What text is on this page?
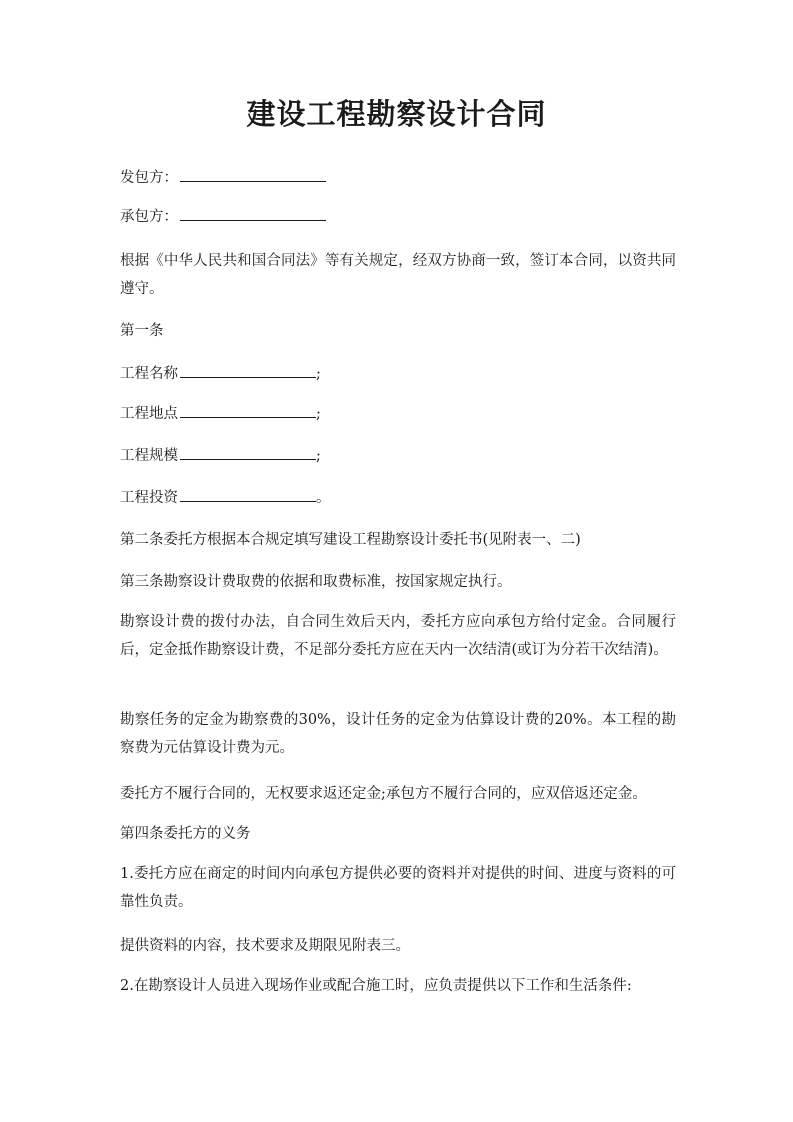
建设工程勘察设计合同
发包方：
承包方：
根据《中华人民共和国合同法》等有关规定，经双方协商一致，签订本合同，以资共同遵守。
第一条
工程名称	;
工程地点	;
工程规模	;
工程投资	。
第二条委托方根据本合规定填写建设工程勘察设计委托书(见附表一、二)
第三条勘察设计费取费的依据和取费标准，按国家规定执行。
勘察设计费的拨付办法，自合同生效后天内，委托方应向承包方给付定金。合同履行后，定金抵作勘察设计费，不足部分委托方应在天内一次结清(或订为分若干次结清)。
勘察任务的定金为勘察费的30%，设计任务的定金为估算设计费的20%。本工程的勘察费为元估算设计费为元。
委托方不履行合同的，无权要求返还定金;承包方不履行合同的，应双倍返还定金。
第四条委托方的义务
1.委托方应在商定的时间内向承包方提供必要的资料并对提供的时间、进度与资料的可靠性负责。
提供资料的内容，技术要求及期限见附表三。
2.在勘察设计人员进入现场作业或配合施工时，应负责提供以下工作和生活条件:
